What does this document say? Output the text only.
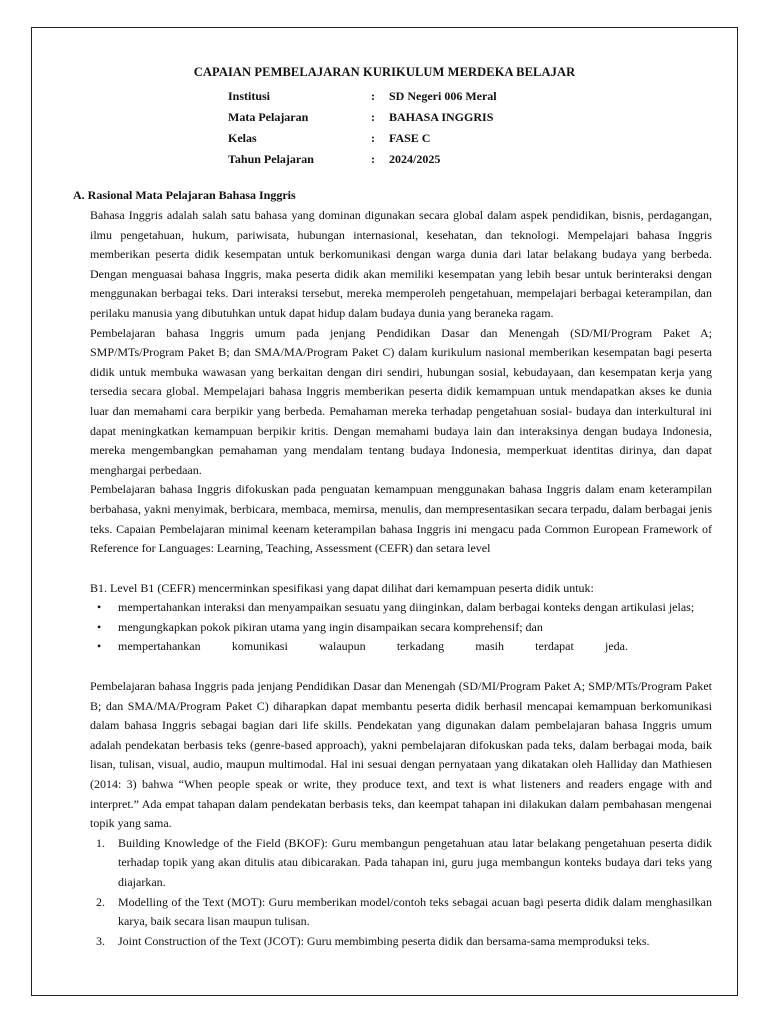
CAPAIAN PEMBELAJARAN KURIKULUM MERDEKA BELAJAR
Institusi	:	SD Negeri 006 Meral
Mata Pelajaran	:	BAHASA INGGRIS
Kelas	:	FASE C
Tahun Pelajaran	:	2024/2025
A. Rasional Mata Pelajaran Bahasa Inggris

Bahasa Inggris adalah salah satu bahasa yang dominan digunakan secara global dalam aspek pendidikan, bisnis, perdagangan, ilmu pengetahuan, hukum, pariwisata, hubungan internasional, kesehatan, dan teknologi. Mempelajari bahasa Inggris memberikan peserta didik kesempatan untuk berkomunikasi dengan warga dunia dari latar belakang budaya yang berbeda. Dengan menguasai bahasa Inggris, maka peserta didik akan memiliki kesempatan yang lebih besar untuk berinteraksi dengan menggunakan berbagai teks. Dari interaksi tersebut, mereka memperoleh pengetahuan, mempelajari berbagai keterampilan, dan perilaku manusia yang dibutuhkan untuk dapat hidup dalam budaya dunia yang beraneka ragam.

Pembelajaran bahasa Inggris umum pada jenjang Pendidikan Dasar dan Menengah (SD/MI/Program Paket A; SMP/MTs/Program Paket B; dan SMA/MA/Program Paket C) dalam kurikulum nasional memberikan kesempatan bagi peserta didik untuk membuka wawasan yang berkaitan dengan diri sendiri, hubungan sosial, kebudayaan, dan kesempatan kerja yang tersedia secara global. Mempelajari bahasa Inggris memberikan peserta didik kemampuan untuk mendapatkan akses ke dunia luar dan memahami cara berpikir yang berbeda. Pemahaman mereka terhadap pengetahuan sosial- budaya dan interkultural ini dapat meningkatkan kemampuan berpikir kritis. Dengan memahami budaya lain dan interaksinya dengan budaya Indonesia, mereka mengembangkan pemahaman yang mendalam tentang budaya Indonesia, memperkuat identitas dirinya, dan dapat menghargai perbedaan.

Pembelajaran bahasa Inggris difokuskan pada penguatan kemampuan menggunakan bahasa Inggris dalam enam keterampilan berbahasa, yakni menyimak, berbicara, membaca, memirsa, menulis, dan mempresentasikan secara terpadu, dalam berbagai jenis teks. Capaian Pembelajaran minimal keenam keterampilan bahasa Inggris ini mengacu pada Common European Framework of Reference for Languages: Learning, Teaching, Assessment (CEFR) dan setara level

B1. Level B1 (CEFR) mencerminkan spesifikasi yang dapat dilihat dari kemampuan peserta didik untuk:

• mempertahankan interaksi dan menyampaikan sesuatu yang diinginkan, dalam berbagai konteks dengan artikulasi jelas;
• mengungkapkan pokok pikiran utama yang ingin disampaikan secara komprehensif; dan
• mempertahankan komunikasi walaupun terkadang masih terdapat jeda.

Pembelajaran bahasa Inggris pada jenjang Pendidikan Dasar dan Menengah (SD/MI/Program Paket A; SMP/MTs/Program Paket B; dan SMA/MA/Program Paket C) diharapkan dapat membantu peserta didik berhasil mencapai kemampuan berkomunikasi dalam bahasa Inggris sebagai bagian dari life skills. Pendekatan yang digunakan dalam pembelajaran bahasa Inggris umum adalah pendekatan berbasis teks (genre-based approach), yakni pembelajaran difokuskan pada teks, dalam berbagai moda, baik lisan, tulisan, visual, audio, maupun multimodal. Hal ini sesuai dengan pernyataan yang dikatakan oleh Halliday dan Mathiesen (2014: 3) bahwa “When people speak or write, they produce text, and text is what listeners and readers engage with and interpret.” Ada empat tahapan dalam pendekatan berbasis teks, dan keempat tahapan ini dilakukan dalam pembahasan mengenai topik yang sama.

1. Building Knowledge of the Field (BKOF): Guru membangun pengetahuan atau latar belakang pengetahuan peserta didik terhadap topik yang akan ditulis atau dibicarakan. Pada tahapan ini, guru juga membangun konteks budaya dari teks yang diajarkan.
2. Modelling of the Text (MOT): Guru memberikan model/contoh teks sebagai acuan bagi peserta didik dalam menghasilkan karya, baik secara lisan maupun tulisan.
3. Joint Construction of the Text (JCOT): Guru membimbing peserta didik dan bersama-sama memproduksi teks.
